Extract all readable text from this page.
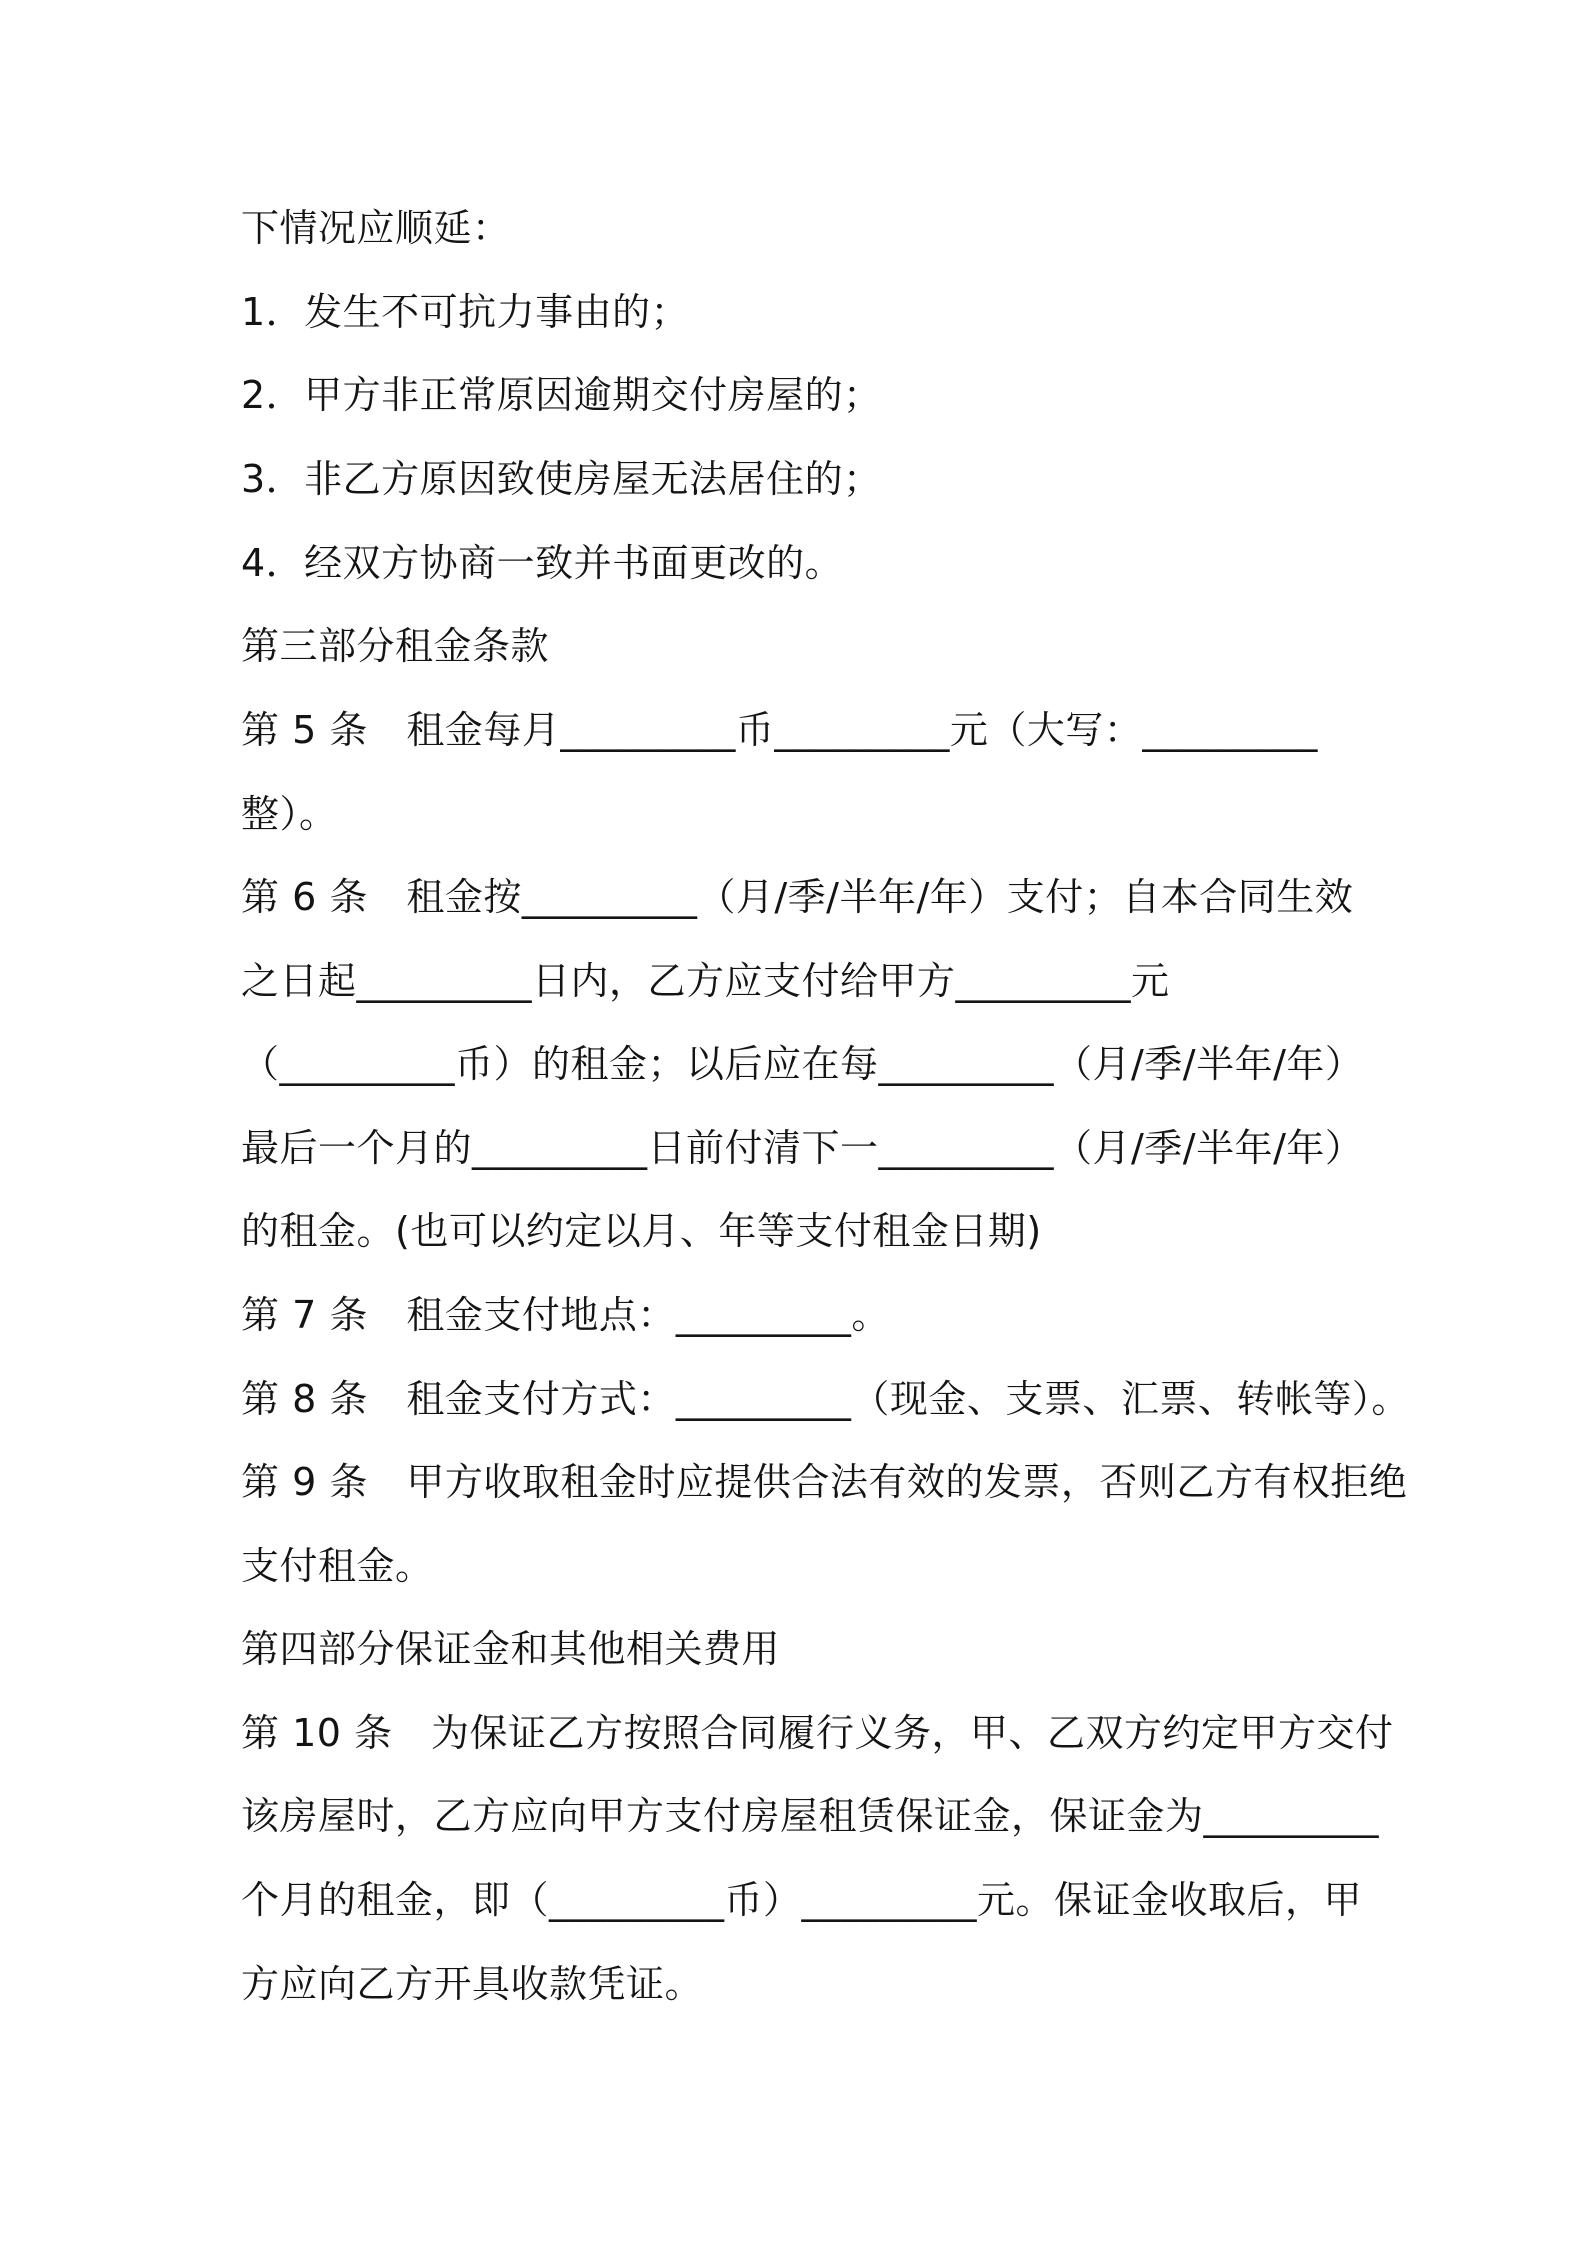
下情况应顺延：
1．发生不可抗力事由的；
2．甲方非正常原因逾期交付房屋的；
3．非乙方原因致使房屋无法居住的；
4．经双方协商一致并书面更改的。
第三部分租金条款
第 5 条　租金每月_________币_________元（大写：_________
整）。
第 6 条　租金按_________（月/季/半年/年）支付；自本合同生效
之日起_________日内，乙方应支付给甲方_________元
（_________币）的租金；以后应在每_________（月/季/半年/年）
最后一个月的_________日前付清下一_________（月/季/半年/年）
的租金。(也可以约定以月、年等支付租金日期)
第 7 条　租金支付地点：_________。
第 8 条　租金支付方式：_________（现金、支票、汇票、转帐等）。
第 9 条　甲方收取租金时应提供合法有效的发票，否则乙方有权拒绝
支付租金。
第四部分保证金和其他相关费用
第 10 条　为保证乙方按照合同履行义务，甲、乙双方约定甲方交付
该房屋时，乙方应向甲方支付房屋租赁保证金，保证金为_________
个月的租金，即（_________币）_________元。保证金收取后，甲
方应向乙方开具收款凭证。
